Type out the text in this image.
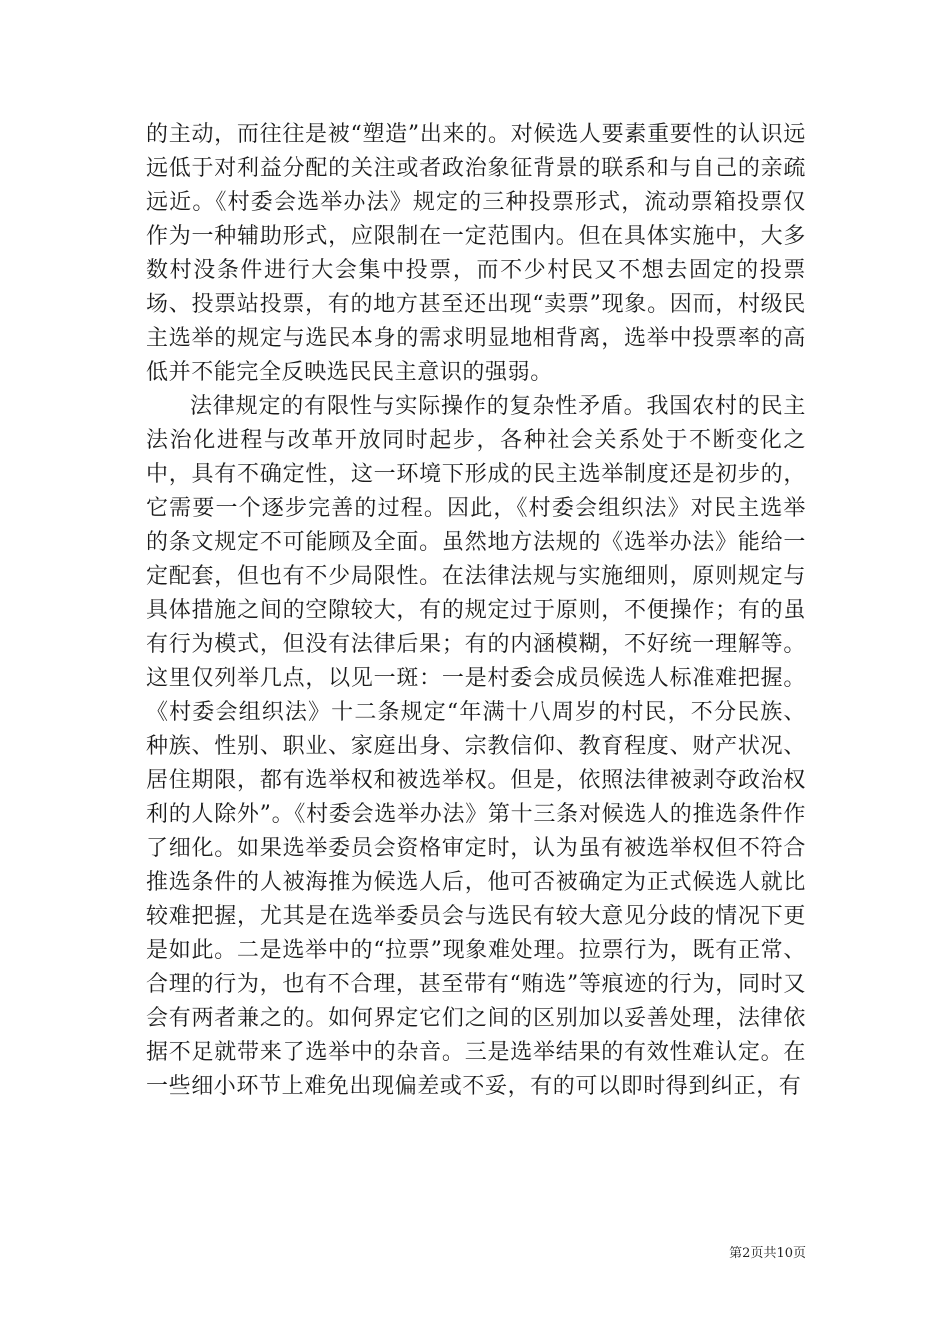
的主动，而往往是被“塑造”出来的。对候选人要素重要性的认识远远低于对利益分配的关注或者政治象征背景的联系和与自己的亲疏远近。《村委会选举办法》规定的三种投票形式，流动票箱投票仅作为一种辅助形式，应限制在一定范围内。但在具体实施中，大多数村没条件进行大会集中投票，而不少村民又不想去固定的投票场、投票站投票，有的地方甚至还出现“卖票”现象。因而，村级民主选举的规定与选民本身的需求明显地相背离，选举中投票率的高低并不能完全反映选民民主意识的强弱。

法律规定的有限性与实际操作的复杂性矛盾。我国农村的民主法治化进程与改革开放同时起步，各种社会关系处于不断变化之中，具有不确定性，这一环境下形成的民主选举制度还是初步的，它需要一个逐步完善的过程。因此，《村委会组织法》对民主选举的条文规定不可能顾及全面。虽然地方法规的《选举办法》能给一定配套，但也有不少局限性。在法律法规与实施细则，原则规定与具体措施之间的空隙较大，有的规定过于原则，不便操作；有的虽有行为模式，但没有法律后果；有的内涵模糊，不好统一理解等。这里仅列举几点，以见一斑：一是村委会成员候选人标准难把握。《村委会组织法》十二条规定“年满十八周岁的村民，不分民族、种族、性别、职业、家庭出身、宗教信仰、教育程度、财产状况、居住期限，都有选举权和被选举权。但是，依照法律被剥夺政治权利的人除外”。《村委会选举办法》第十三条对候选人的推选条件作了细化。如果选举委员会资格审定时，认为虽有被选举权但不符合推选条件的人被海推为候选人后，他可否被确定为正式候选人就比较难把握，尤其是在选举委员会与选民有较大意见分歧的情况下更是如此。二是选举中的“拉票”现象难处理。拉票行为，既有正常、合理的行为，也有不合理，甚至带有“贿选”等痕迹的行为，同时又会有两者兼之的。如何界定它们之间的区别加以妥善处理，法律依据不足就带来了选举中的杂音。三是选举结果的有效性难认定。在一些细小环节上难免出现偏差或不妥，有的可以即时得到纠正，有

第2页共10页
